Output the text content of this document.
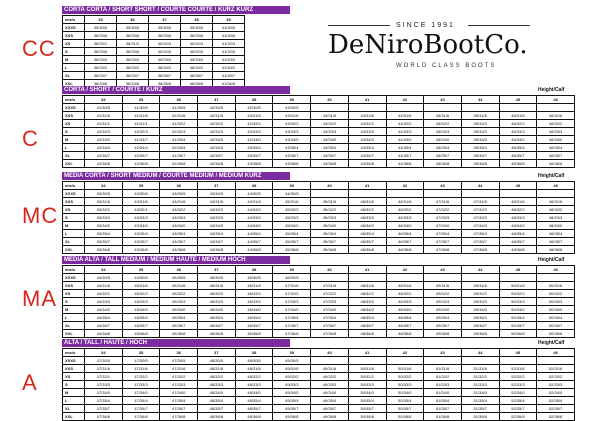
CC
C
MC
MA
A
SINCE 1991
DeNiroBootCo.
WORLD CLASS BOOTS
CORTA CORTA / SHORT SHORT / COURTE COURTE / KURZ KURZ
mis/s	35	36	37	38	39
XXXS	35/30/5	35/30/5	35/30/5	35/30/5	41/30/5
XXS	36/30/6	36/30/6	36/30/6	36/30/6	41/30/6
XS	36/30/1	36/31/2	40/32/3	40/32/3	41/32/3
S	36/30/6	36/30/6	40/32/5	45/32/5	41/32/5
M	36/33/0	36/33/0	40/33/0	45/33/0	41/33/0
L	36/33/2	36/33/2	36/34/2	46/34/2	41/34/2
XL	36/33/7	36/33/7	36/35/7	46/35/7	41/35/7
XXL	36/33/8	36/33/8	36/36/8	46/36/8	41/36/8
CORTA / SHORT / COURTE / KURZ	Height/Calf
mis/s	34	35	36	37	38	39	40	41	42	43	44	45	46
XXXS	41/30/5	41/30/5	41/30/5	42/30/5	42/30/5	43/30/5							
XXS	41/31/6	41/31/6	42/31/6	42/31/6	43/31/6	43/31/6	43/31/6	44/31/6	44/31/6	45/31/6	45/31/6	46/31/6	46/31/6
XS	41/31/1	41/31/1	41/32/2	42/32/2	42/32/2	43/32/2	43/32/2	44/32/2	44/32/2	45/32/2	45/32/2	46/32/2	46/32/2
S	42/32/3	42/32/3	42/32/3	42/32/3	43/33/3	43/33/3	43/33/3	44/33/3	44/33/3	45/33/3	45/33/3	46/33/3	46/33/3
M	42/33/2	41/33/7	41/33/4	42/34/0	42/34/0	43/34/0	43/34/0	44/34/0	44/34/0	45/34/0	45/34/0	46/34/0	46/34/0
L	42/34/4	42/34/4	42/34/4	42/34/4	43/35/4	43/35/4	43/35/4	44/35/4	44/35/4	45/35/4	45/35/4	46/35/4	46/35/4
XL	42/35/7	42/35/7	41/35/7	42/35/7	43/35/7	43/35/7	43/35/7	44/35/7	44/35/7	45/35/7	45/35/7	46/35/7	46/35/7
XXL	42/36/8	42/36/8	42/36/8	42/36/8	43/36/8	43/36/8	43/36/8	44/36/8	44/36/8	45/36/8	45/36/8	46/36/8	46/36/8
MEDIA CORTA / SHORT MEDIUM / COURTE MEDIUM / MEDIUM KURZ	Height/Calf
mis/s	34	35	36	37	38	39	40	41	42	43	44	45	46
XXXS	43/30/5	43/30/5	43/30/5	43/30/5	44/30/5	44/30/5							
XXS	43/31/6	43/31/6	43/31/6	44/31/6	44/31/6	45/31/6	45/31/6	46/31/6	46/31/6	47/31/6	47/31/6	48/31/6	48/31/6
XS	43/32/1	43/32/1	43/32/2	44/32/2	44/32/2	45/32/2	45/32/2	46/32/2	46/32/2	47/32/2	47/32/2	48/32/2	48/32/2
S	43/33/3	43/33/3	43/33/3	44/33/3	44/33/3	45/33/3	45/33/3	46/33/3	46/33/3	47/33/3	47/33/3	48/33/3	48/33/3
M	43/34/0	43/34/0	43/34/0	44/34/0	44/34/0	45/34/0	45/34/0	46/34/0	46/34/0	47/34/0	47/34/0	48/34/0	48/34/0
L	43/35/4	43/35/4	43/35/4	44/35/4	44/35/4	45/35/4	45/35/4	46/35/4	46/35/4	47/35/4	47/35/4	48/35/4	48/35/4
XL	43/35/7	43/35/7	43/35/7	44/35/7	44/35/7	45/35/7	45/35/7	46/35/7	46/35/7	47/35/7	47/35/7	48/35/7	48/35/7
XXL	43/36/8	43/36/8	43/36/8	44/36/8	44/36/8	45/36/8	45/36/8	46/36/8	46/36/8	47/36/8	47/36/8	48/36/8	48/36/8
MEDIA ALTA / TALL MEDIUM / MEDIUM HAUTE / MEDIUM HOCH	Height/Calf
mis/s	34	35	36	37	38	39	40	41	42	43	44	45	46
XXXS	44/30/5	44/30/5	45/30/5	45/30/5	46/30/5	46/30/5							
XXS	44/31/6	45/31/6	45/31/6	46/31/6	46/31/6	47/31/6	47/31/6	48/31/6	48/31/6	49/31/6	49/31/6	50/31/6	50/31/6
XS	44/32/1	45/32/2	45/32/2	46/32/2	46/32/2	47/32/2	47/32/2	48/32/2	48/32/2	49/32/2	49/32/2	50/32/2	50/32/2
S	44/33/3	45/33/3	45/33/3	46/33/3	46/33/3	47/33/3	47/33/3	48/33/3	48/33/3	49/33/3	49/33/3	50/33/3	50/33/3
M	44/34/0	45/34/0	45/34/0	46/34/0	46/34/0	47/34/0	47/34/0	48/34/0	48/34/0	49/34/0	49/34/0	50/34/0	50/34/0
L	44/35/4	45/35/4	45/35/4	46/35/4	46/35/4	47/35/4	47/35/4	48/35/4	48/35/4	49/35/4	49/35/4	50/35/4	50/35/4
XL	44/35/7	45/35/7	45/35/7	46/35/7	46/35/7	47/35/7	47/35/7	48/35/7	48/35/7	49/35/7	49/35/7	50/35/7	50/35/7
XXL	44/36/8	45/36/8	45/36/8	46/36/8	46/36/8	47/36/8	47/36/8	48/36/8	48/36/8	49/36/8	49/36/8	50/36/8	50/36/8
ALTA / TALL / HAUTE / HOCH	Height/Calf
mis/s	34	35	36	37	38	39	40	41	42	43	44	45	46
XXXS	47/30/5	47/30/5	47/30/5	48/30/5	48/30/5	49/30/5							
XXS	47/31/6	47/31/6	47/31/6	48/31/6	48/31/6	49/31/6	49/31/6	50/31/6	50/31/6	51/31/6	51/31/6	52/31/6	52/31/6
XS	47/32/1	47/32/2	47/32/2	48/32/2	48/32/2	49/32/2	49/32/2	50/32/2	50/32/2	51/32/2	51/32/2	52/32/2	52/32/2
S	47/33/3	47/33/3	47/33/3	48/33/3	48/33/3	49/33/3	49/33/3	50/33/3	50/33/3	51/33/3	51/33/3	52/33/3	52/33/3
M	47/34/0	47/34/0	47/34/0	48/34/0	48/34/0	49/34/0	49/34/0	50/34/0	50/34/0	51/34/0	51/34/0	52/34/0	52/34/0
L	47/35/4	47/35/4	47/35/4	48/35/4	48/35/4	49/35/4	49/35/4	50/35/4	50/35/4	51/35/4	51/35/4	52/35/4	52/35/4
XL	47/35/7	47/35/7	47/35/7	48/35/7	48/35/7	49/35/7	49/35/7	50/35/7	50/35/7	51/35/7	51/35/7	52/35/7	52/35/7
XXL	47/36/8	47/36/8	47/36/8	48/36/8	48/36/8	49/36/8	49/36/8	50/36/8	50/36/8	51/36/8	51/36/8	52/36/8	52/36/8
